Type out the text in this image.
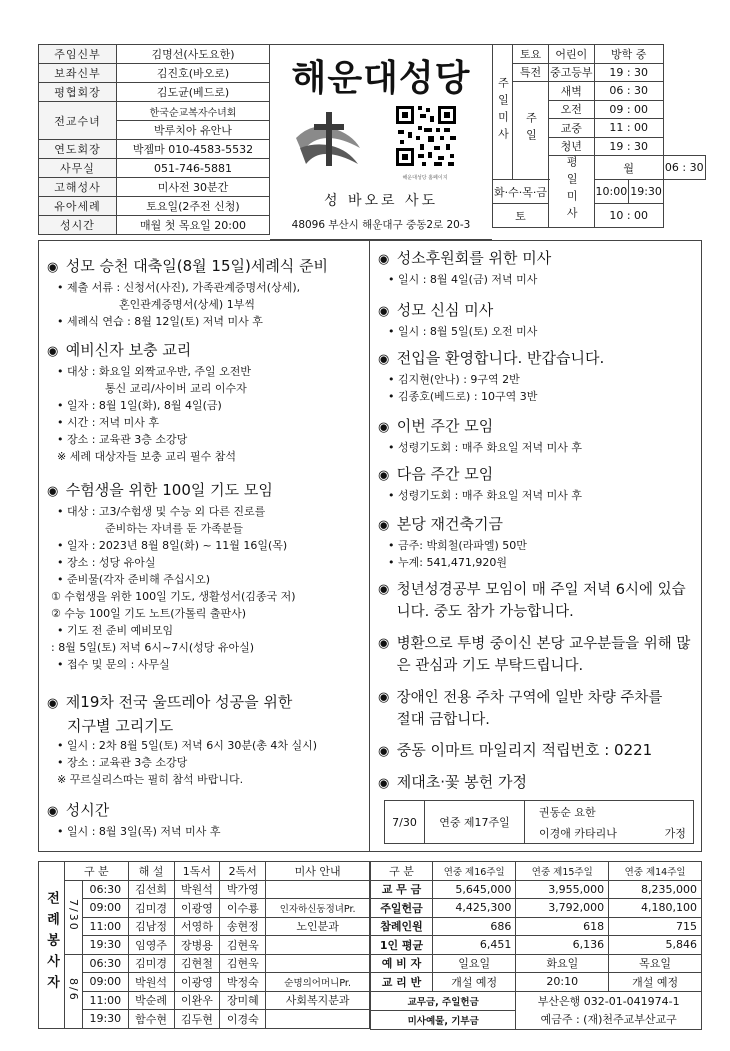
주임신부	김명선(사도요한)
보좌신부	김진호(바오로)
평협회장	김도균(베드로)
전교수녀	한국순교복자수녀회
	박루치아 유안나
연도회장	박젬마 010-4583-5532
사무실	051-746-5881
고해성사	미사전 30분간
유아세례	토요일(2주전 신청)
성시간	매월 첫 목요일 20:00
해운대성당
해운대성당 홈페이지
성 바오로 사도
48096 부산시 해운대구 중동2로 20-3
주일미사	토요	어린이	방학 중		
	특전	중고등부	19 : 30		
	주일	새벽	06 : 30		
		오전	09 : 00		
		교중	11 : 00		
		청년	19 : 30		
		평일미사	월		06 : 30
화·수·목·금			10:00	19:30	
토			10 : 00		
◉ 성모 승천 대축일(8월 15일)세례식 준비
• 제출 서류 : 신청서(사진), 가족관계증명서(상세),
혼인관계증명서(상세) 1부씩
• 세례식 연습 : 8월 12일(토) 저녁 미사 후
◉ 예비신자 보충 교리
• 대상 : 화요일 외짝교우반, 주일 오전반
통신 교리/사이버 교리 이수자
• 일자 : 8월 1일(화), 8월 4일(금)
• 시간 : 저녁 미사 후
• 장소 : 교육관 3층 소강당
※ 세례 대상자들 보충 교리 필수 참석
◉ 수험생을 위한 100일 기도 모임
• 대상 : 고3/수험생 및 수능 외 다른 진로를
준비하는 자녀를 둔 가족분들
• 일자 : 2023년 8월 8일(화) ~ 11월 16일(목)
• 장소 : 성당 유아실
• 준비물(각자 준비해 주십시오)
① 수험생을 위한 100일 기도, 생활성서(김종국 저)
② 수능 100일 기도 노트(가톨릭 출판사)
• 기도 전 준비 예비모임
: 8월 5일(토) 저녁 6시~7시(성당 유아실)
• 접수 및 문의 : 사무실
◉ 제19차 전국 울뜨레아 성공을 위한
지구별 고리기도
• 일시 : 2차 8월 5일(토) 저녁 6시 30분(총 4차 실시)
• 장소 : 교육관 3층 소강당
※ 꾸르실리스따는 필히 참석 바랍니다.
◉ 성시간
• 일시 : 8월 3일(목) 저녁 미사 후
◉ 성소후원회를 위한 미사
• 일시 : 8월 4일(금) 저녁 미사
◉ 성모 신심 미사
• 일시 : 8월 5일(토) 오전 미사
◉ 전입을 환영합니다. 반갑습니다.
• 김지현(안나) : 9구역 2반
• 김종호(베드로) : 10구역 3반
◉ 이번 주간 모임
• 성령기도회 : 매주 화요일 저녁 미사 후
◉ 다음 주간 모임
• 성령기도회 : 매주 화요일 저녁 미사 후
◉ 본당 재건축기금
• 금주: 박희철(라파엘) 50만
• 누계: 541,471,920원
◉
청년성경공부 모임이 매 주일 저녁 6시에 있습니다. 중도 참가 가능합니다.
◉
병환으로 투병 중이신 본당 교우분들을 위해 많은 관심과 기도 부탁드립니다.
◉
장애인 전용 주차 구역에 일반 차량 주차를 절대 금합니다.
◉ 중동 이마트 마일리지 적립번호 : 0221
◉ 제대초·꽃 봉헌 가정
7/30	연중 제17주일	권동순 요한	
		이경애 카타리나	가정
전례봉사자	구 분		해 설	1독서	2독서	미사 안내
	7/30	06:30	김선희	박원석	박가영	
		09:00	김미경	이광영	이수룡	인자하신동정녀Pr.
		11:00	김남정	서영하	송현정	노인분과
		19:30	임영주	장병용	김현욱	
	8/6	06:30	김미경	김현철	김현욱	
		09:00	박원석	이광영	박정숙	순명의어머니Pr.
		11:00	박순례	이완우	장미혜	사회복지분과
		19:30	함수현	김두현	이경숙	
구 분	연중 제16주일	연중 제15주일	연중 제14주일
교 무 금	5,645,000	3,955,000	8,235,000
주일헌금	4,425,300	3,792,000	4,180,100
참례인원	686	618	715
1인 평균	6,451	6,136	5,846
예 비 자	일요일	화요일	목요일
교 리 반	개설 예정	20:10	개설 예정
교무금, 주일헌금		부산은행 032-01-041974-1	
미사예물, 기부금		예금주 : (재)천주교부산교구	
